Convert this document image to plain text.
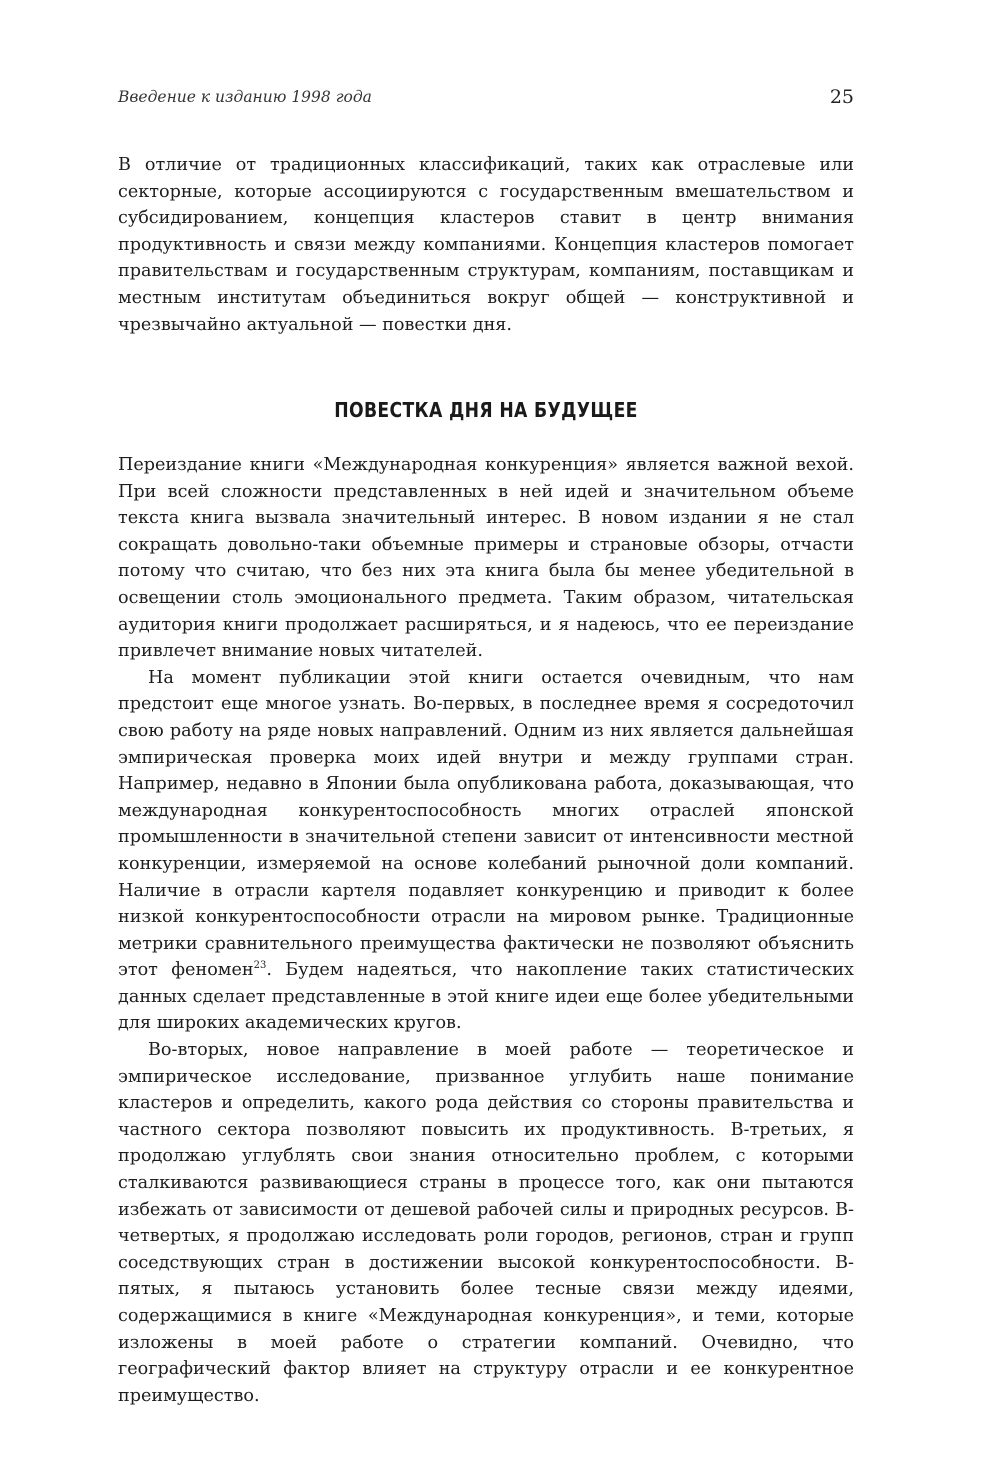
Введение к изданию 1998 года	25

В отличие от традиционных классификаций, таких как отраслевые или секторные, которые ассоциируются с государственным вмешательством и субсидированием, концепция кластеров ставит в центр внимания продуктивность и связи между компаниями. Концепция кластеров помогает правительствам и государственным структурам, компаниям, поставщикам и местным институтам объединиться вокруг общей — конструктивной и чрезвычайно актуальной — повестки дня.

ПОВЕСТКА ДНЯ НА БУДУЩЕЕ

Переиздание книги «Международная конкуренция» является важной вехой. При всей сложности представленных в ней идей и значительном объеме текста книга вызвала значительный интерес. В новом издании я не стал сокращать довольно-таки объемные примеры и страновые обзоры, отчасти потому что считаю, что без них эта книга была бы менее убедительной в освещении столь эмоционального предмета. Таким образом, читательская аудитория книги продолжает расширяться, и я надеюсь, что ее переиздание привлечет внимание новых читателей.

На момент публикации этой книги остается очевидным, что нам предстоит еще многое узнать. Во-первых, в последнее время я сосредоточил свою работу на ряде новых направлений. Одним из них является дальнейшая эмпирическая проверка моих идей внутри и между группами стран. Например, недавно в Японии была опубликована работа, доказывающая, что международная конкурентоспособность многих отраслей японской промышленности в значительной степени зависит от интенсивности местной конкуренции, измеряемой на основе колебаний рыночной доли компаний. Наличие в отрасли картеля подавляет конкуренцию и приводит к более низкой конкурентоспособности отрасли на мировом рынке. Традиционные метрики сравнительного преимущества фактически не позволяют объяснить этот феномен$^{23}$. Будем надеяться, что накопление таких статистических данных сделает представленные в этой книге идеи еще более убедительными для широких академических кругов.

Во-вторых, новое направление в моей работе — теоретическое и эмпирическое исследование, призванное углубить наше понимание кластеров и определить, какого рода действия со стороны правительства и частного сектора позволяют повысить их продуктивность. В-третьих, я продолжаю углублять свои знания относительно проблем, с которыми сталкиваются развивающиеся страны в процессе того, как они пытаются избежать от зависимости от дешевой рабочей силы и природных ресурсов. В-четвертых, я продолжаю исследовать роли городов, регионов, стран и групп соседствующих стран в достижении высокой конкурентоспособности. В-пятых, я пытаюсь установить более тесные связи между идеями, содержащимися в книге «Международная конкуренция», и теми, которые изложены в моей работе о стратегии компаний. Очевидно, что географический фактор влияет на структуру отрасли и ее конкурентное преимущество.
